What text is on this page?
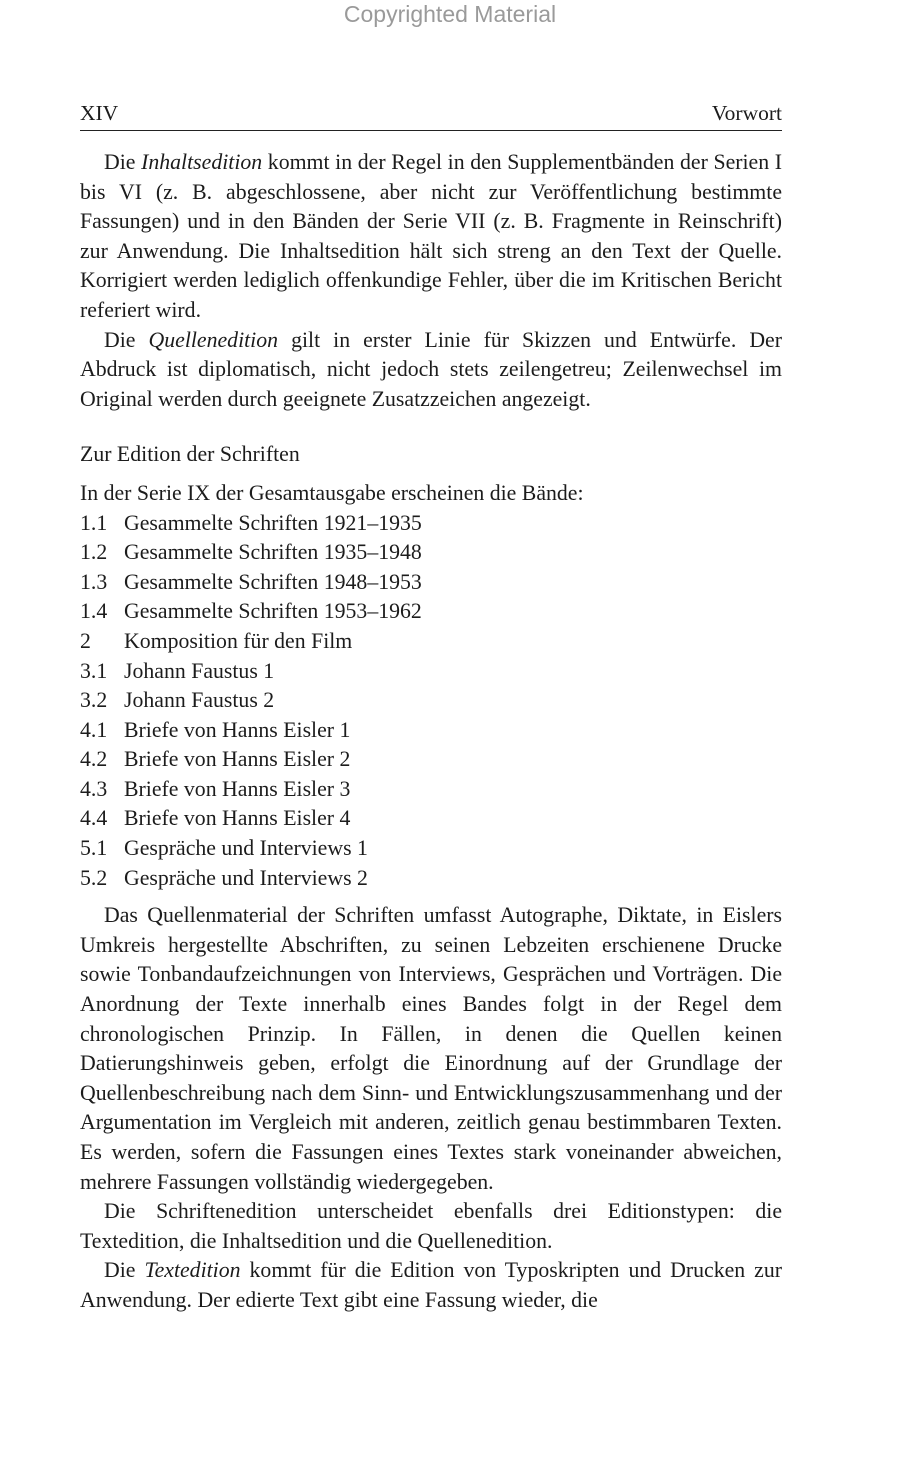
Copyrighted Material
XIV	Vorwort

Die Inhaltsedition kommt in der Regel in den Supplementbänden der Serien I bis VI (z. B. abgeschlossene, aber nicht zur Veröffentlichung bestimmte Fassungen) und in den Bänden der Serie VII (z. B. Fragmente in Reinschrift) zur Anwendung. Die Inhaltsedition hält sich streng an den Text der Quelle. Korrigiert werden lediglich offenkundige Fehler, über die im Kritischen Bericht referiert wird.

Die Quellenedition gilt in erster Linie für Skizzen und Entwürfe. Der Abdruck ist diplomatisch, nicht jedoch stets zeilengetreu; Zeilenwechsel im Original werden durch geeignete Zusatzzeichen angezeigt.

Zur Edition der Schriften

In der Serie IX der Gesamtausgabe erscheinen die Bände:

1.1 Gesammelte Schriften 1921–1935
1.2 Gesammelte Schriften 1935–1948
1.3 Gesammelte Schriften 1948–1953
1.4 Gesammelte Schriften 1953–1962
2	Komposition für den Film
3.1 Johann Faustus 1
3.2 Johann Faustus 2
4.1 Briefe von Hanns Eisler 1
4.2 Briefe von Hanns Eisler 2
4.3 Briefe von Hanns Eisler 3
4.4 Briefe von Hanns Eisler 4
5.1 Gespräche und Interviews 1
5.2 Gespräche und Interviews 2

Das Quellenmaterial der Schriften umfasst Autographe, Diktate, in Eislers Umkreis hergestellte Abschriften, zu seinen Lebzeiten erschienene Drucke sowie Tonbandaufzeichnungen von Interviews, Gesprächen und Vorträgen. Die Anordnung der Texte innerhalb eines Bandes folgt in der Regel dem chronologischen Prinzip. In Fällen, in denen die Quellen keinen Datierungshinweis geben, erfolgt die Einordnung auf der Grundlage der Quellenbeschreibung nach dem Sinn- und Entwicklungszusammenhang und der Argumentation im Vergleich mit anderen, zeitlich genau bestimmbaren Texten. Es werden, sofern die Fassungen eines Textes stark voneinander abweichen, mehrere Fassungen vollständig wiedergegeben.

Die Schriftenedition unterscheidet ebenfalls drei Editionstypen: die Textedition, die Inhaltsedition und die Quellenedition.

Die Textedition kommt für die Edition von Typoskripten und Drucken zur Anwendung. Der edierte Text gibt eine Fassung wieder, die
